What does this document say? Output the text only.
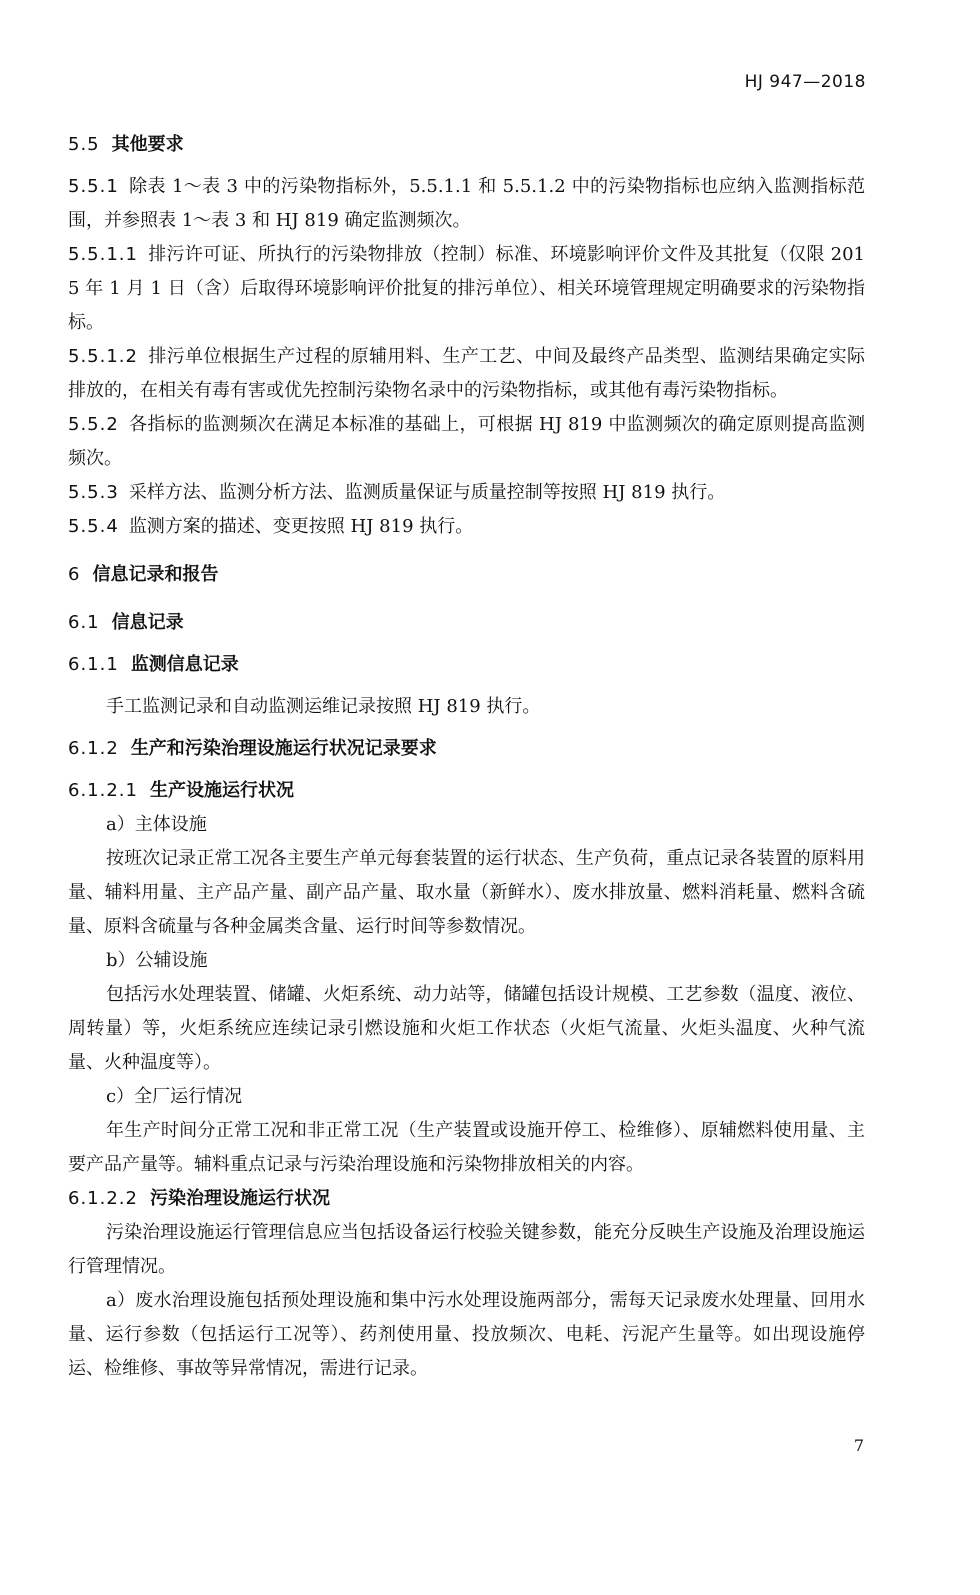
HJ 947—2018
5.5 其他要求
5.5.1 除表 1～表 3 中的污染物指标外，5.5.1.1 和 5.5.1.2 中的污染物指标也应纳入监测指标范围，并参照表 1～表 3 和 HJ 819 确定监测频次。
5.5.1.1 排污许可证、所执行的污染物排放（控制）标准、环境影响评价文件及其批复（仅限 2015 年 1 月 1 日（含）后取得环境影响评价批复的排污单位）、相关环境管理规定明确要求的污染物指标。
5.5.1.2 排污单位根据生产过程的原辅用料、生产工艺、中间及最终产品类型、监测结果确定实际排放的，在相关有毒有害或优先控制污染物名录中的污染物指标，或其他有毒污染物指标。
5.5.2 各指标的监测频次在满足本标准的基础上，可根据 HJ 819 中监测频次的确定原则提高监测频次。
5.5.3 采样方法、监测分析方法、监测质量保证与质量控制等按照 HJ 819 执行。
5.5.4 监测方案的描述、变更按照 HJ 819 执行。
6 信息记录和报告
6.1 信息记录
6.1.1 监测信息记录
手工监测记录和自动监测运维记录按照 HJ 819 执行。
6.1.2 生产和污染治理设施运行状况记录要求
6.1.2.1 生产设施运行状况
a）主体设施
按班次记录正常工况各主要生产单元每套装置的运行状态、生产负荷，重点记录各装置的原料用量、辅料用量、主产品产量、副产品产量、取水量（新鲜水）、废水排放量、燃料消耗量、燃料含硫量、原料含硫量与各种金属类含量、运行时间等参数情况。
b）公辅设施
包括污水处理装置、储罐、火炬系统、动力站等，储罐包括设计规模、工艺参数（温度、液位、周转量）等，火炬系统应连续记录引燃设施和火炬工作状态（火炬气流量、火炬头温度、火种气流量、火种温度等）。
c）全厂运行情况
年生产时间分正常工况和非正常工况（生产装置或设施开停工、检维修）、原辅燃料使用量、主要产品产量等。辅料重点记录与污染治理设施和污染物排放相关的内容。
6.1.2.2 污染治理设施运行状况
污染治理设施运行管理信息应当包括设备运行校验关键参数，能充分反映生产设施及治理设施运行管理情况。
a）废水治理设施包括预处理设施和集中污水处理设施两部分，需每天记录废水处理量、回用水量、运行参数（包括运行工况等）、药剂使用量、投放频次、电耗、污泥产生量等。如出现设施停运、检维修、事故等异常情况，需进行记录。
7
